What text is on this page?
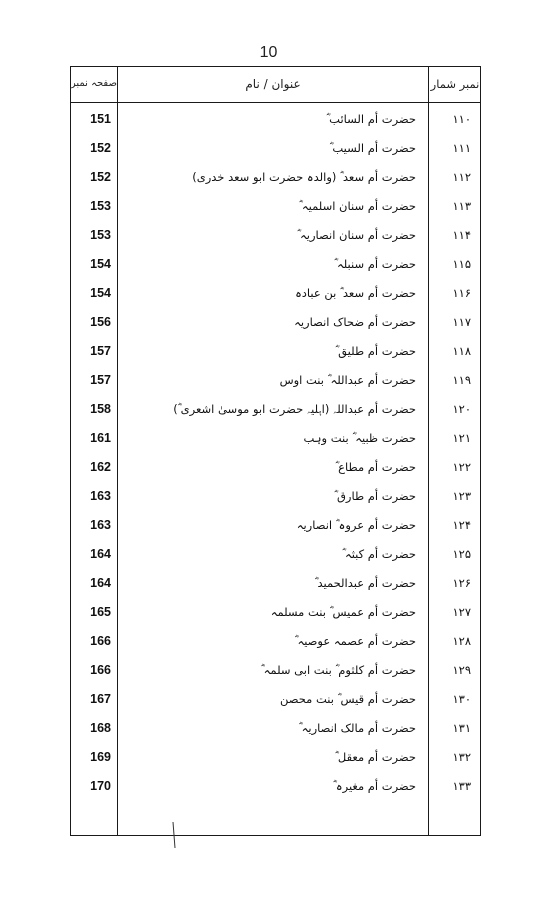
10
صفحہ نمبر	عنوان / نام	نمبر شمار
151	حضرت أم السائب ؓ	۱۱۰
152	حضرت أم السیب ؓ	۱۱۱
152	حضرت أم سعد ؓ (والدہ حضرت ابو سعد خدری)	۱۱۲
153	حضرت أم سنان اسلمیہ ؓ	۱۱۳
153	حضرت أم سنان انصاریہ ؓ	۱۱۴
154	حضرت أم سنبلہ ؓ	۱۱۵
154	حضرت أم سعد ؓ بن عبادہ	۱۱۶
156	حضرت أم ضحاک انصاریہ	۱۱۷
157	حضرت أم طلیق ؓ	۱۱۸
157	حضرت أم عبداللہ ؓ بنت اوس	۱۱۹
158	حضرت أم عبداللہ (اہلیہ حضرت ابو موسیٰ اشعری ؓ)	۱۲۰
161	حضرت ظبیہ ؓ بنت وہب	۱۲۱
162	حضرت أم مطاع ؓ	۱۲۲
163	حضرت أم طارق ؓ	۱۲۳
163	حضرت أم عروہ ؓ انصاریہ	۱۲۴
164	حضرت أم کبثہ ؓ	۱۲۵
164	حضرت أم عبدالحمید ؓ	۱۲۶
165	حضرت أم عمیس ؓ بنت مسلمہ	۱۲۷
166	حضرت أم عصمہ عوصیہ ؓ	۱۲۸
166	حضرت أم کلثوم ؓ بنت ابی سلمہ ؓ	۱۲۹
167	حضرت أم قیس ؓ بنت محصن	۱۳۰
168	حضرت أم مالک انصاریہ ؓ	۱۳۱
169	حضرت أم معقل ؓ	۱۳۲
170	حضرت أم مغیرہ ؓ	۱۳۳
